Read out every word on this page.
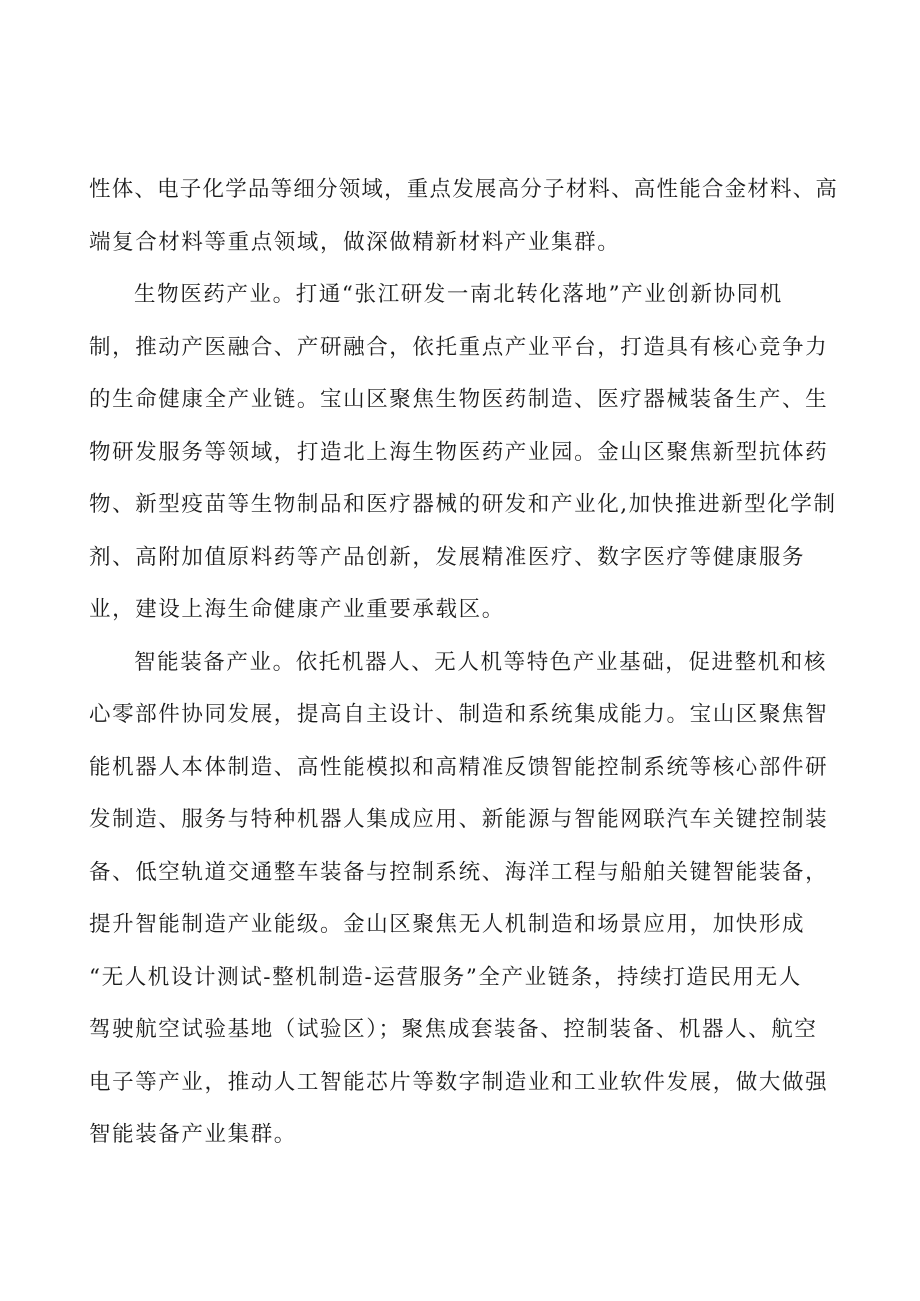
性体、电子化学品等细分领域，重点发展高分子材料、高性能合金材料、高
端复合材料等重点领域，做深做精新材料产业集群。
生物医药产业。打通“张江研发一南北转化落地”产业创新协同机
制，推动产医融合、产研融合，依托重点产业平台，打造具有核心竞争力
的生命健康全产业链。宝山区聚焦生物医药制造、医疗器械装备生产、生
物研发服务等领域，打造北上海生物医药产业园。金山区聚焦新型抗体药
物、新型疫苗等生物制品和医疗器械的研发和产业化,加快推进新型化学制
剂、高附加值原料药等产品创新，发展精准医疗、数字医疗等健康服务
业，建设上海生命健康产业重要承载区。
智能装备产业。依托机器人、无人机等特色产业基础，促进整机和核
心零部件协同发展，提高自主设计、制造和系统集成能力。宝山区聚焦智
能机器人本体制造、高性能模拟和高精准反馈智能控制系统等核心部件研
发制造、服务与特种机器人集成应用、新能源与智能网联汽车关键控制装
备、低空轨道交通整车装备与控制系统、海洋工程与船舶关键智能装备，
提升智能制造产业能级。金山区聚焦无人机制造和场景应用，加快形成
“无人机设计测试-整机制造-运营服务”全产业链条，持续打造民用无人
驾驶航空试验基地（试验区）；聚焦成套装备、控制装备、机器人、航空
电子等产业，推动人工智能芯片等数字制造业和工业软件发展，做大做强
智能装备产业集群。
